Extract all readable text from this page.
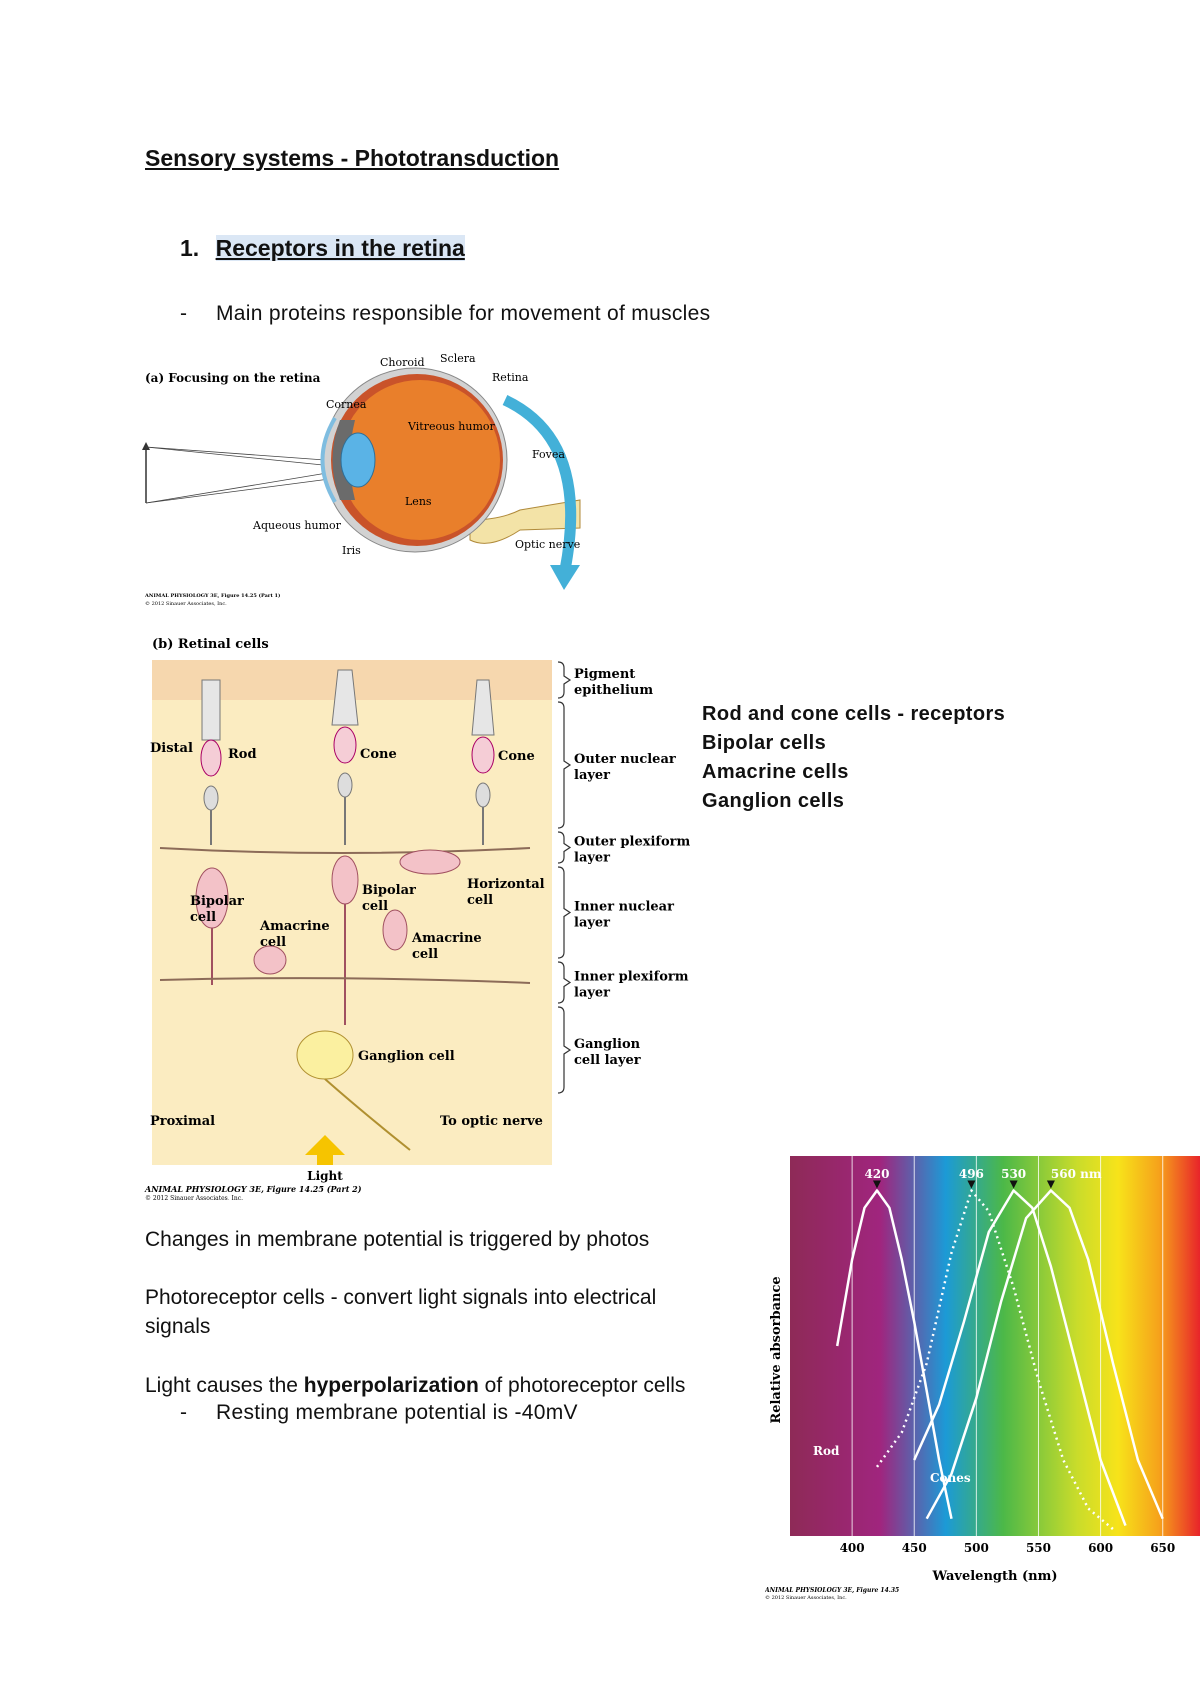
Sensory systems - Phototransduction
1. Receptors in the retina
- Main proteins responsible for movement of muscles
(a) Focusing on the retina
Choroid Sclera
Retina
Cornea
Vitreous humor
Fovea
Lens
Aqueous humor
Iris	Optic nerve
ANIMAL PHYSIOLOGY 3E, Figure 14.25 (Part 1)
© 2012 Sinauer Associates, Inc.
(b) Retinal cells
Distal	Rod	Cone	Cone
Bipolar
cell
Bipolar
cell
Horizontal
cell
Amacrine
cell	Amacrine
cell
Ganglion cell
Proximal	To optic nerve
Light
ANIMAL PHYSIOLOGY 3E, Figure 14.25 (Part 2)
© 2012 Sinauer Associates, Inc.
Pigment
epithelium
Outer nuclear
layer
Outer plexiform
layer
Inner nuclear
layer
Inner plexiform
layer
Ganglion
cell layer
Rod and cone cells - receptors
Bipolar cells
Amacrine cells
Ganglion cells
Changes in membrane potential is triggered by photos
Photoreceptor cells - convert light signals into electrical signals
Light causes the hyperpolarization of photoreceptor cells
- Resting membrane potential is -40mV
420	496 530 560 nm
400	450	500	550	600	650
Relative absorbance
Wavelength (nm)
Rod
Cones
ANIMAL PHYSIOLOGY 3E, Figure 14.35
© 2012 Sinauer Associates, Inc.
